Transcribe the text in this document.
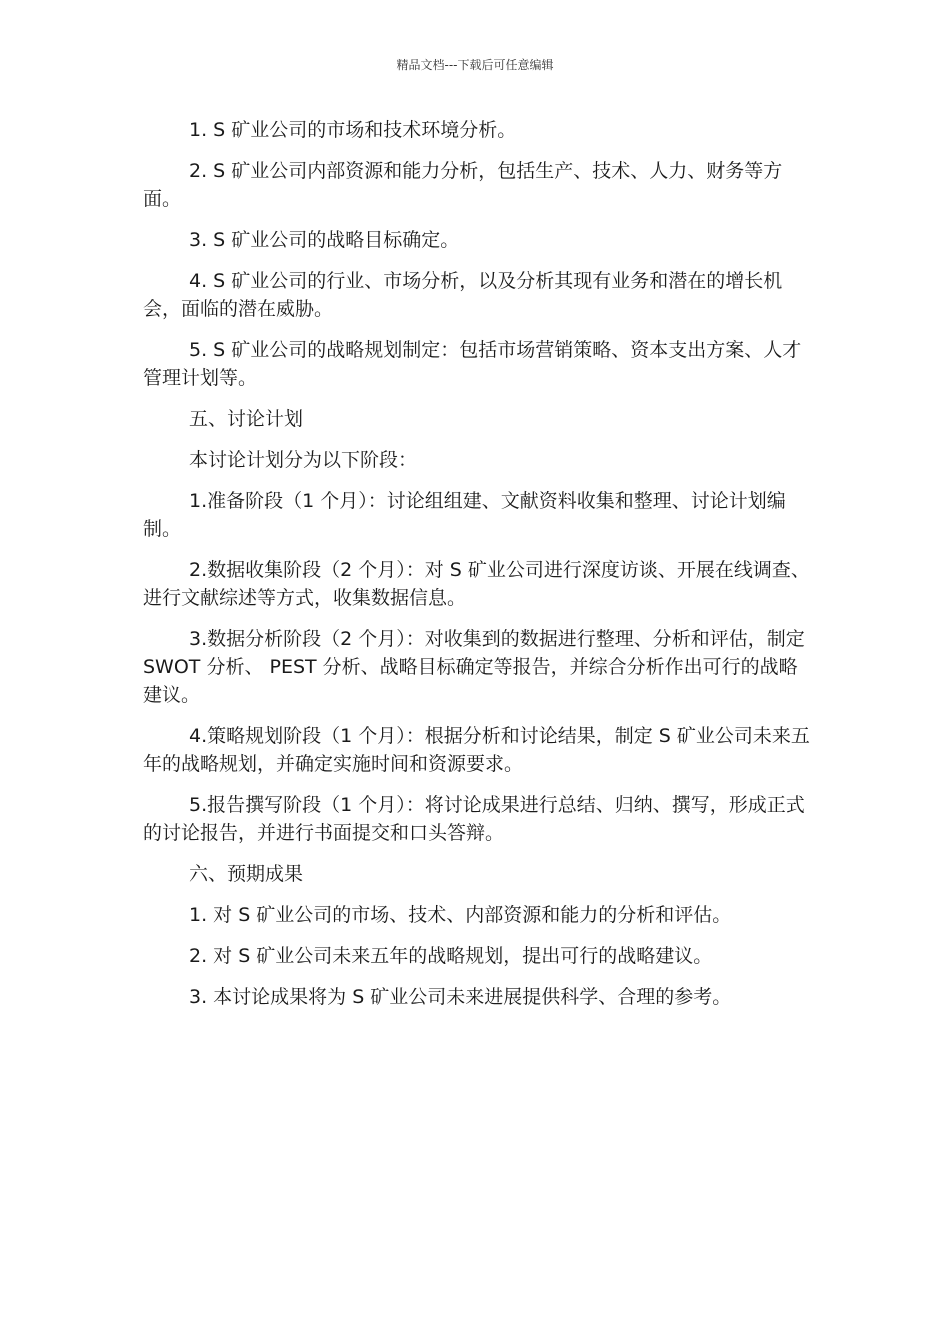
精品文档---下载后可任意编辑

1. S 矿业公司的市场和技术环境分析。

2. S 矿业公司内部资源和能力分析，包括生产、技术、人力、财务等方面。

3. S 矿业公司的战略目标确定。

4. S 矿业公司的行业、市场分析，以及分析其现有业务和潜在的增长机会，面临的潜在威胁。

5. S 矿业公司的战略规划制定：包括市场营销策略、资本支出方案、人才管理计划等。

五、讨论计划

本讨论计划分为以下阶段：

1.准备阶段（1 个月）：讨论组组建、文献资料收集和整理、讨论计划编制。

2.数据收集阶段（2 个月）：对 S 矿业公司进行深度访谈、开展在线调查、进行文献综述等方式，收集数据信息。

3.数据分析阶段（2 个月）：对收集到的数据进行整理、分析和评估，制定 SWOT 分析、 PEST 分析、战略目标确定等报告，并综合分析作出可行的战略建议。

4.策略规划阶段（1 个月）：根据分析和讨论结果，制定 S 矿业公司未来五年的战略规划，并确定实施时间和资源要求。

5.报告撰写阶段（1 个月）：将讨论成果进行总结、归纳、撰写，形成正式的讨论报告，并进行书面提交和口头答辩。

六、预期成果

1. 对 S 矿业公司的市场、技术、内部资源和能力的分析和评估。

2. 对 S 矿业公司未来五年的战略规划，提出可行的战略建议。

3. 本讨论成果将为 S 矿业公司未来进展提供科学、合理的参考。
